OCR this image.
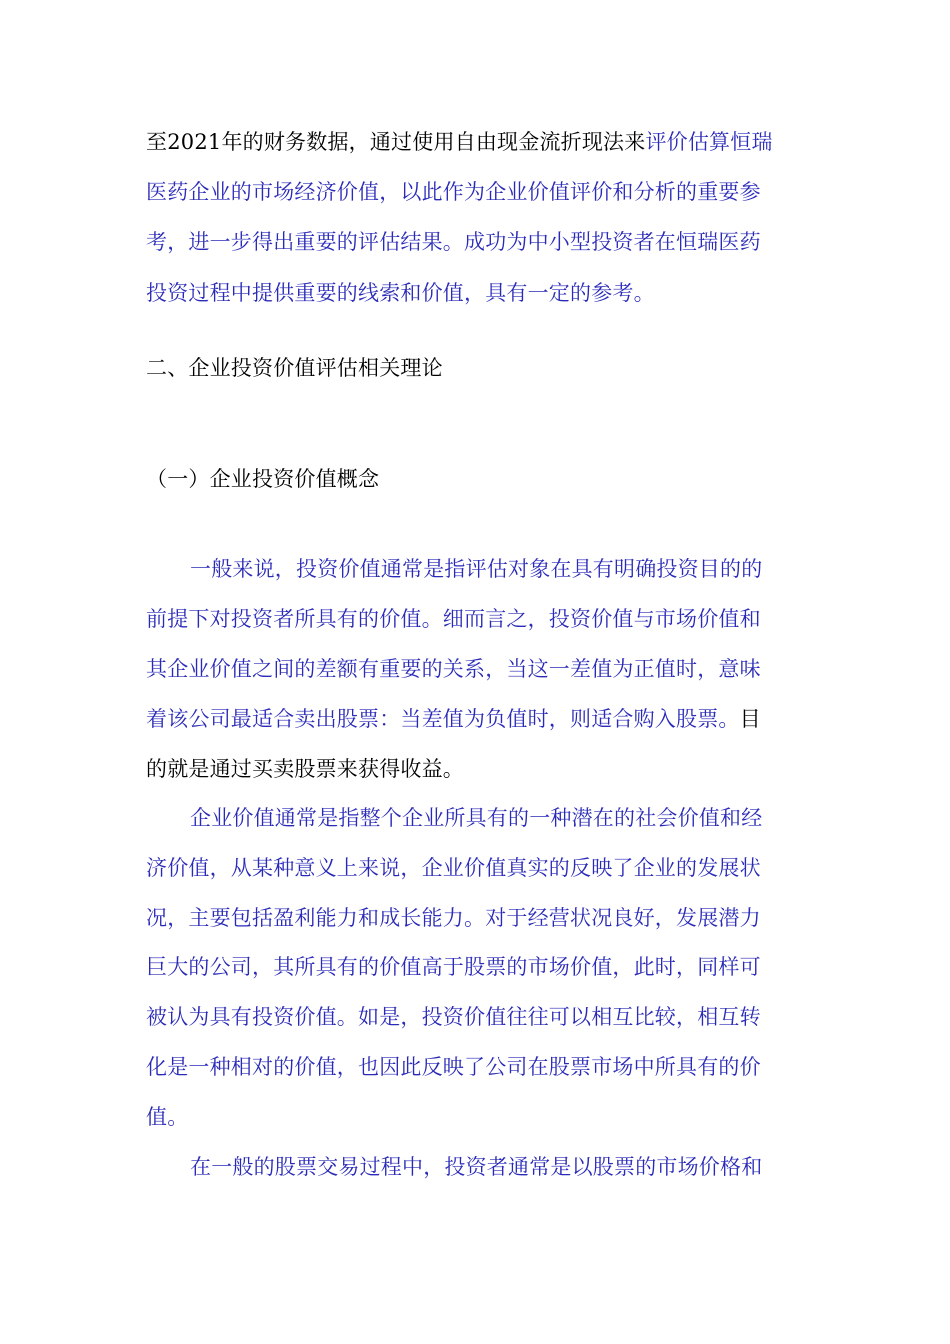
至2021年的财务数据，通过使用自由现金流折现法来评价估算恒瑞
医药企业的市场经济价值，以此作为企业价值评价和分析的重要参
考，进一步得出重要的评估结果。成功为中小型投资者在恒瑞医药
投资过程中提供重要的线索和价值，具有一定的参考。
二、企业投资价值评估相关理论
（一）企业投资价值概念
一般来说，投资价值通常是指评估对象在具有明确投资目的的
前提下对投资者所具有的价值。细而言之，投资价值与市场价值和
其企业价值之间的差额有重要的关系，当这一差值为正值时，意味
着该公司最适合卖出股票：当差值为负值时，则适合购入股票。目
的就是通过买卖股票来获得收益。
企业价值通常是指整个企业所具有的一种潜在的社会价值和经
济价值，从某种意义上来说，企业价值真实的反映了企业的发展状
况，主要包括盈利能力和成长能力。对于经营状况良好，发展潜力
巨大的公司，其所具有的价值高于股票的市场价值，此时，同样可
被认为具有投资价值。如是，投资价值往往可以相互比较，相互转
化是一种相对的价值，也因此反映了公司在股票市场中所具有的价
值。
在一般的股票交易过程中，投资者通常是以股票的市场价格和
